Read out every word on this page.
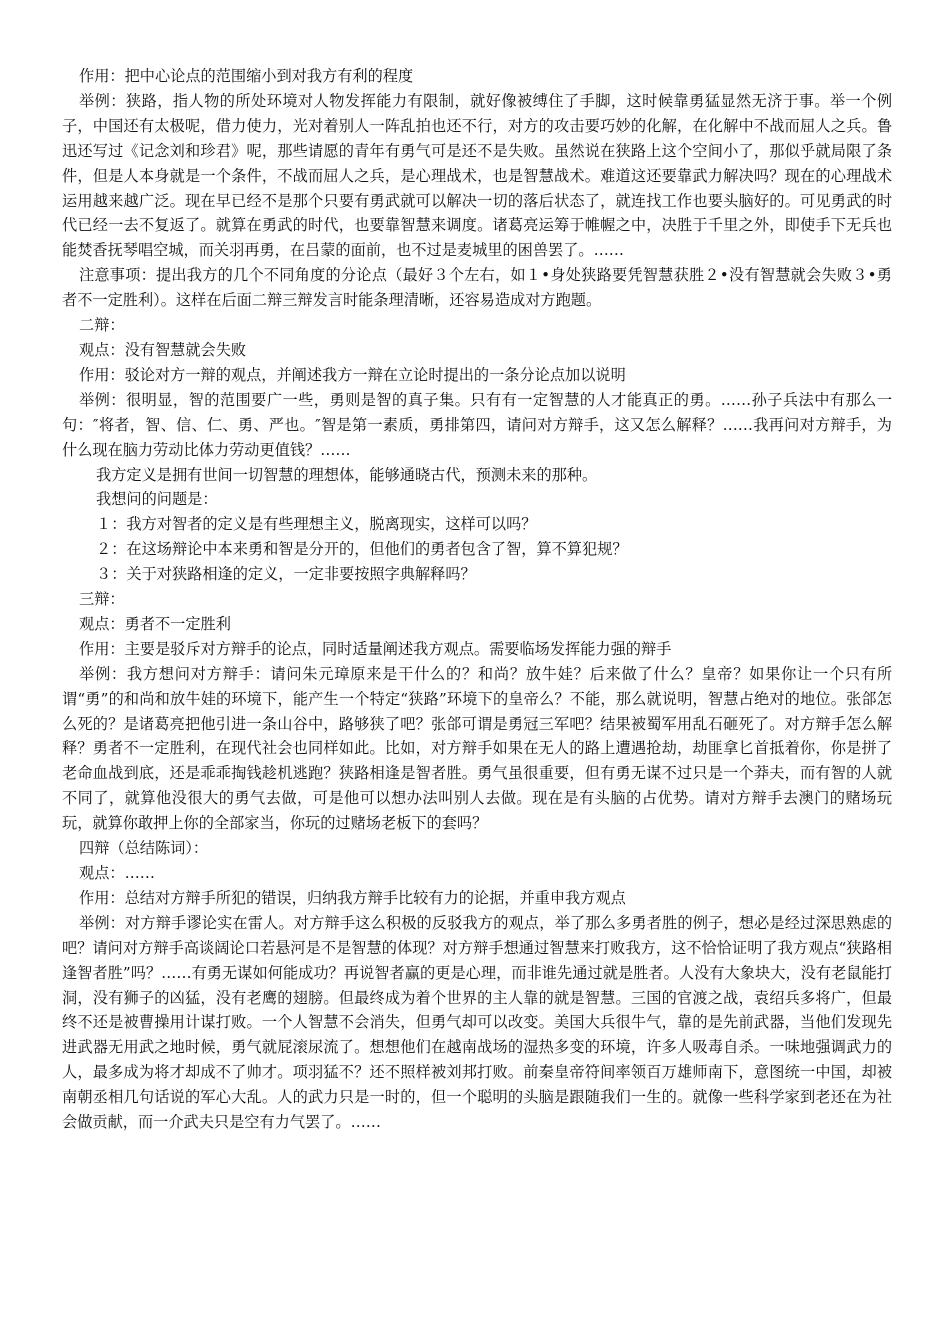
作用：把中心论点的范围缩小到对我方有利的程度

举例：狭路，指人物的所处环境对人物发挥能力有限制，就好像被缚住了手脚，这时候靠勇猛显然无济于事。举一个例子，中国还有太极呢，借力使力，光对着别人一阵乱拍也还不行，对方的攻击要巧妙的化解，在化解中不战而屈人之兵。鲁迅还写过《记念刘和珍君》呢，那些请愿的青年有勇气可是还不是失败。虽然说在狭路上这个空间小了，那似乎就局限了条件，但是人本身就是一个条件，不战而屈人之兵，是心理战术，也是智慧战术。难道这还要靠武力解决吗？现在的心理战术运用越来越广泛。现在早已经不是那个只要有勇武就可以解决一切的落后状态了，就连找工作也要头脑好的。可见勇武的时代已经一去不复返了。就算在勇武的时代，也要靠智慧来调度。诸葛亮运筹于帷幄之中，决胜于千里之外，即使手下无兵也能焚香抚琴唱空城，而关羽再勇，在吕蒙的面前，也不过是麦城里的困兽罢了。……

注意事项：提出我方的几个不同角度的分论点（最好３个左右，如１•身处狭路要凭智慧获胜２•没有智慧就会失败３•勇者不一定胜利）。这样在后面二辩三辩发言时能条理清晰，还容易造成对方跑题。

二辩：

观点：没有智慧就会失败

作用：驳论对方一辩的观点，并阐述我方一辩在立论时提出的一条分论点加以说明

举例：很明显，智的范围要广一些，勇则是智的真子集。只有有一定智慧的人才能真正的勇。……孙子兵法中有那么一句：″将者，智、信、仁、勇、严也。″智是第一素质，勇排第四，请问对方辩手，这又怎么解释？……我再问对方辩手，为什么现在脑力劳动比体力劳动更值钱？……

我方定义是拥有世间一切智慧的理想体，能够通晓古代，预测未来的那种。

我想问的问题是：

１：我方对智者的定义是有些理想主义，脱离现实，这样可以吗？

２：在这场辩论中本来勇和智是分开的，但他们的勇者包含了智，算不算犯规？

３：关于对狭路相逢的定义，一定非要按照字典解释吗？

三辩：

观点：勇者不一定胜利

作用：主要是驳斥对方辩手的论点，同时适量阐述我方观点。需要临场发挥能力强的辩手

举例：我方想问对方辩手：请问朱元璋原来是干什么的？和尚？放牛娃？后来做了什么？皇帝？如果你让一个只有所谓“勇”的和尚和放牛娃的环境下，能产生一个特定“狭路”环境下的皇帝么？不能，那么就说明，智慧占绝对的地位。张郃怎么死的？是诸葛亮把他引进一条山谷中，路够狭了吧？张郃可谓是勇冠三军吧？结果被蜀军用乱石砸死了。对方辩手怎么解释？勇者不一定胜利，在现代社会也同样如此。比如，对方辩手如果在无人的路上遭遇抢劫，劫匪拿匕首抵着你，你是拼了老命血战到底，还是乖乖掏钱趁机逃跑？狭路相逢是智者胜。勇气虽很重要，但有勇无谋不过只是一个莽夫，而有智的人就不同了，就算他没很大的勇气去做，可是他可以想办法叫别人去做。现在是有头脑的占优势。请对方辩手去澳门的赌场玩玩，就算你敢押上你的全部家当，你玩的过赌场老板下的套吗？

四辩（总结陈词）：

观点：……

作用：总结对方辩手所犯的错误，归纳我方辩手比较有力的论据，并重申我方观点

举例：对方辩手谬论实在雷人。对方辩手这么积极的反驳我方的观点，举了那么多勇者胜的例子，想必是经过深思熟虑的吧？请问对方辩手高谈阔论口若悬河是不是智慧的体现？对方辩手想通过智慧来打败我方，这不恰恰证明了我方观点“狭路相逢智者胜”吗？……有勇无谋如何能成功？再说智者赢的更是心理，而非谁先通过就是胜者。人没有大象块大，没有老鼠能打洞，没有狮子的凶猛，没有老鹰的翅膀。但最终成为着个世界的主人靠的就是智慧。三国的官渡之战，袁绍兵多将广，但最终不还是被曹操用计谋打败。一个人智慧不会消失，但勇气却可以改变。美国大兵很牛气，靠的是先前武器，当他们发现先进武器无用武之地时候，勇气就屁滚尿流了。想想他们在越南战场的湿热多变的环境，许多人吸毒自杀。一味地强调武力的人，最多成为将才却成不了帅才。项羽猛不？还不照样被刘邦打败。前秦皇帝符间率领百万雄师南下，意图统一中国，却被南朝丞相几句话说的军心大乱。人的武力只是一时的，但一个聪明的头脑是跟随我们一生的。就像一些科学家到老还在为社会做贡献，而一介武夫只是空有力气罢了。……
